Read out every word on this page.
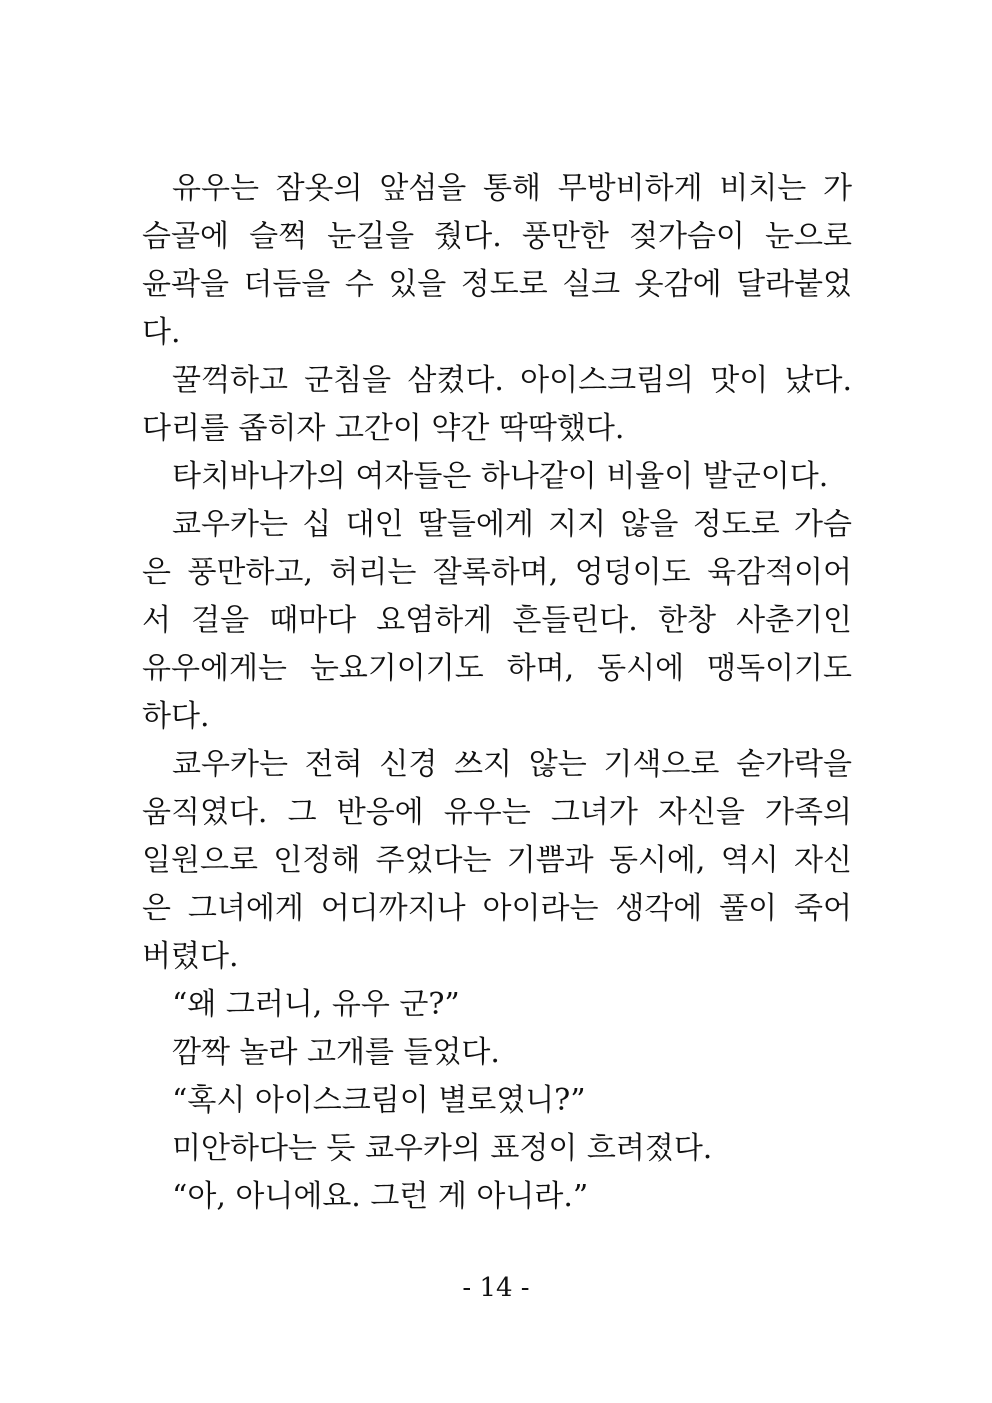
유우는 잠옷의 앞섬을 통해 무방비하게 비치는 가
슴골에 슬쩍 눈길을 줬다. 풍만한 젖가슴이 눈으로
윤곽을 더듬을 수 있을 정도로 실크 옷감에 달라붙었
다.
꿀꺽하고 군침을 삼켰다. 아이스크림의 맛이 났다.
다리를 좁히자 고간이 약간 딱딱했다.
타치바나가의 여자들은 하나같이 비율이 발군이다.
쿄우카는 십 대인 딸들에게 지지 않을 정도로 가슴
은 풍만하고, 허리는 잘록하며, 엉덩이도 육감적이어
서 걸을 때마다 요염하게 흔들린다. 한창 사춘기인
유우에게는 눈요기이기도 하며, 동시에 맹독이기도
하다.
쿄우카는 전혀 신경 쓰지 않는 기색으로 숟가락을
움직였다. 그 반응에 유우는 그녀가 자신을 가족의
일원으로 인정해 주었다는 기쁨과 동시에, 역시 자신
은 그녀에게 어디까지나 아이라는 생각에 풀이 죽어
버렸다.
“왜 그러니, 유우 군?”
깜짝 놀라 고개를 들었다.
“혹시 아이스크림이 별로였니?”
미안하다는 듯 쿄우카의 표정이 흐려졌다.
“아, 아니에요. 그런 게 아니라.”
- 14 -
